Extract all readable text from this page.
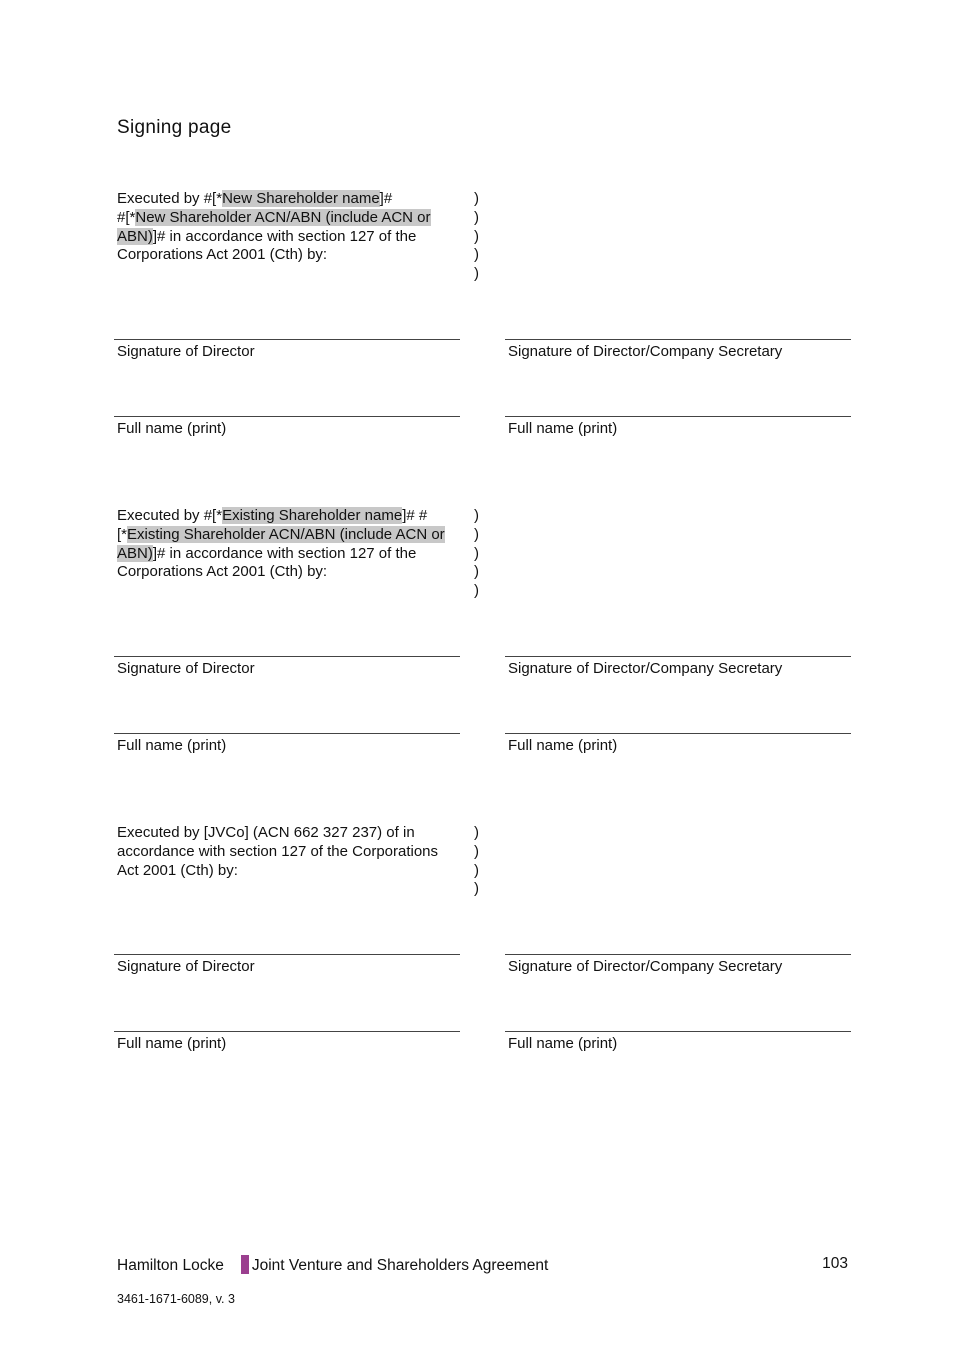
Signing page
Executed by #[*New Shareholder name]#
#[*New Shareholder ACN/ABN (include ACN or ABN)]# in accordance with section 127 of the Corporations Act 2001 (Cth) by:
)
)
)
)
)
Signature of Director	Signature of Director/Company Secretary
Full name (print)	Full name (print)
Executed by #[*Existing Shareholder name]# #[*Existing Shareholder ACN/ABN (include ACN or ABN)]# in accordance with section 127 of the Corporations Act 2001 (Cth) by:
)
)
)
)
)
Signature of Director	Signature of Director/Company Secretary
Full name (print)	Full name (print)
Executed by [JVCo] (ACN 662 327 237) of in accordance with section 127 of the Corporations Act 2001 (Cth) by:
)
)
)
)
Signature of Director	Signature of Director/Company Secretary
Full name (print)	Full name (print)
Hamilton Locke Joint Venture and Shareholders Agreement	103
3461-1671-6089, v. 3
